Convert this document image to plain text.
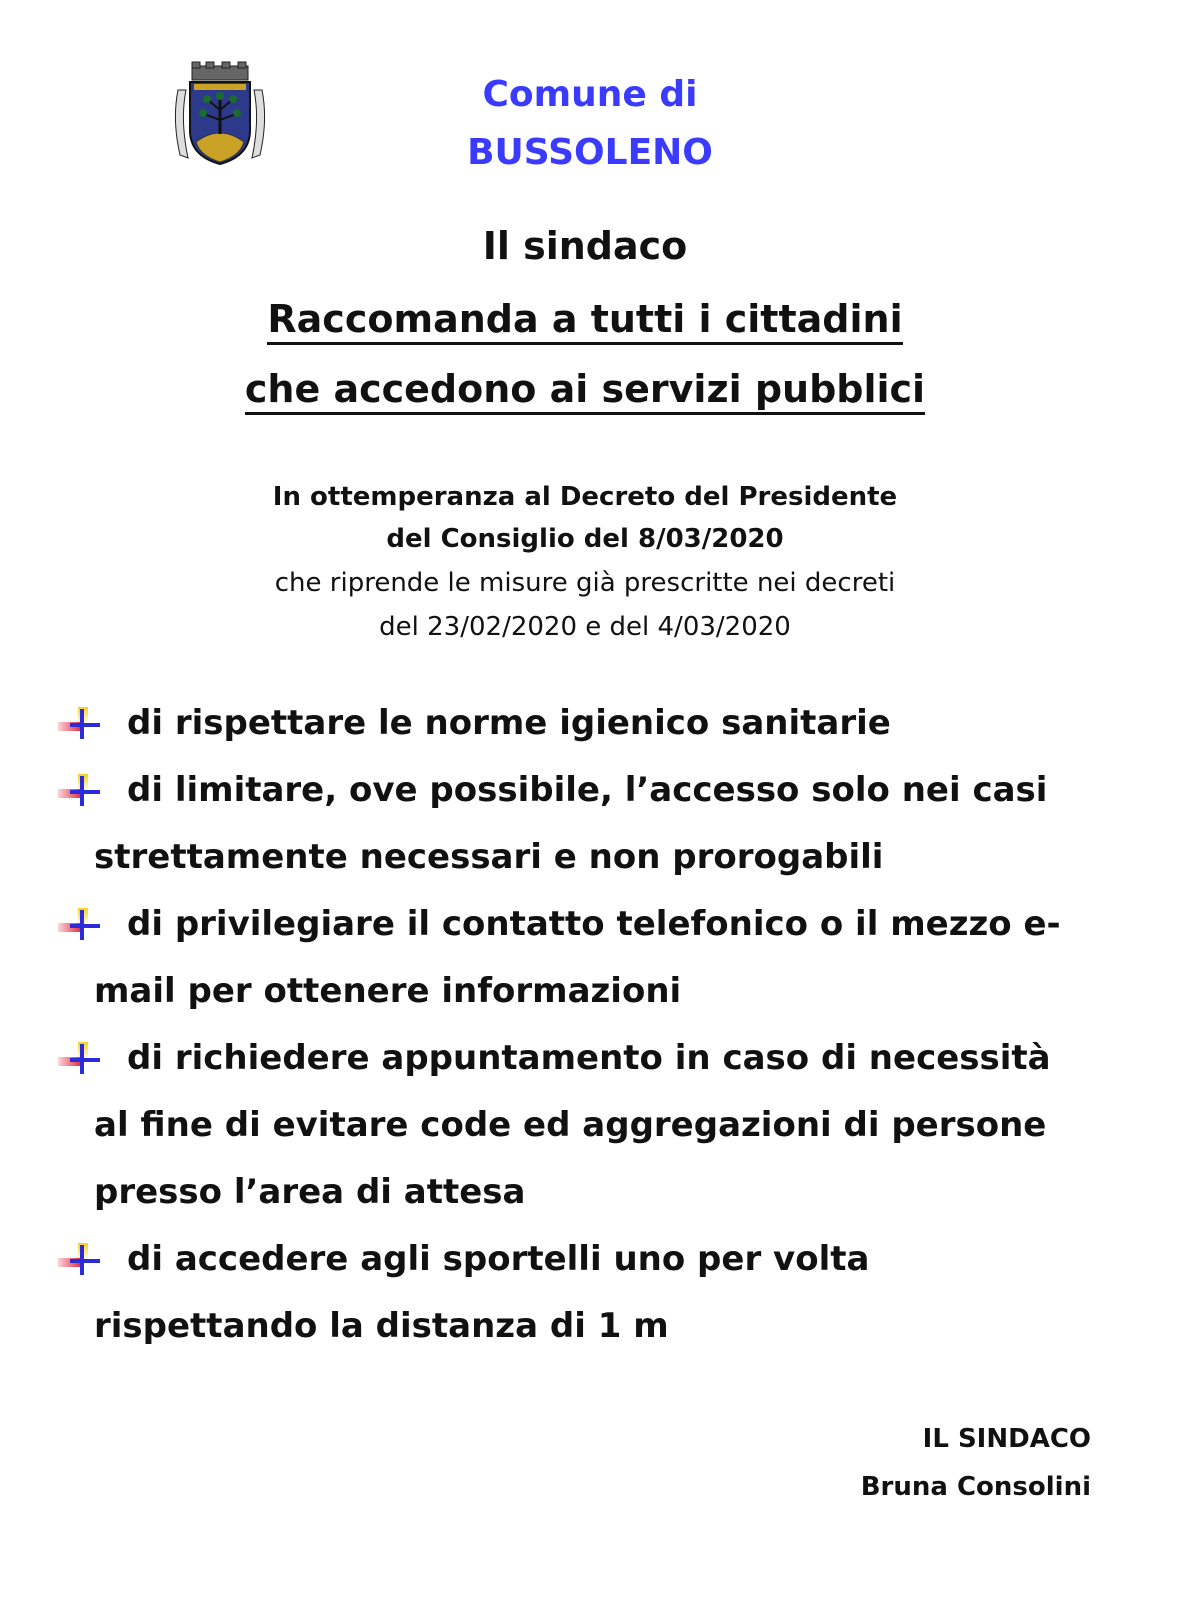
Comune di
BUSSOLENO
Il sindaco
Raccomanda a tutti i cittadini
che accedono ai servizi pubblici
In ottemperanza al Decreto del Presidente
del Consiglio del 8/03/2020
che riprende le misure già prescritte nei decreti
del 23/02/2020 e del 4/03/2020
di rispettare le norme igienico sanitarie
di limitare, ove possibile, l’accesso solo nei casi
strettamente necessari e non prorogabili
di privilegiare il contatto telefonico o il mezzo e-
mail per ottenere informazioni
di richiedere appuntamento in caso di necessità
al fine di evitare code ed aggregazioni di persone
presso l’area di attesa
di accedere agli sportelli uno per volta
rispettando la distanza di 1 m
IL SINDACO
Bruna Consolini
